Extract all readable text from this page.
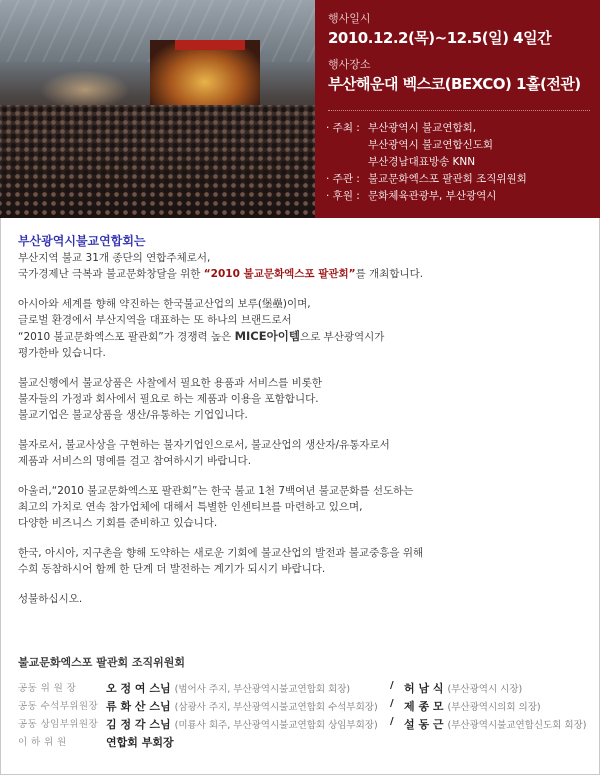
행사일시
2010.12.2(목)~12.5(일) 4일간
행사장소
부산해운대 벡스코(BEXCO) 1홀(전관)
· 주최 : 부산광역시 불교연합회,
부산광역시 불교연합신도회
부산경남대표방송 KNN
· 주관 : 불교문화엑스포 팔관회 조직위원회
· 후원 : 문화체육관광부, 부산광역시
부산광역시불교연합회는
부산지역 불교 31개 종단의 연합주체로서,
국가경제난 극복과 불교문화창달을 위한 “2010 불교문화엑스포 팔관회”를 개최합니다.
아시아와 세계를 향해 약진하는 한국불교산업의 보루(堡壘)이며,
글로벌 환경에서 부산지역을 대표하는 또 하나의 브랜드로서
“2010 불교문화엑스포 팔관회”가 경쟁력 높은 MICE아이템으로 부산광역시가
평가한바 있습니다.
불교신행에서 불교상품은 사찰에서 필요한 용품과 서비스를 비롯한
불자들의 가정과 회사에서 필요로 하는 제품과 이용을 포함합니다.
불교기업은 불교상품을 생산/유통하는 기업입니다.
불자로서, 불교사상을 구현하는 불자기업인으로서, 불교산업의 생산자/유통자로서
제품과 서비스의 명예를 걸고 참여하시기 바랍니다.
아울러,“2010 불교문화엑스포 팔관회”는 한국 불교 1천 7백여년 불교문화를 선도하는
최고의 가치로 연속 참가업체에 대해서 특별한 인센티브를 마련하고 있으며,
다양한 비즈니스 기회를 준비하고 있습니다.
한국, 아시아, 지구촌을 향해 도약하는 새로운 기회에 불교산업의 발전과 불교중흥을 위해
수희 동참하시어 함께 한 단계 더 발전하는 계기가 되시기 바랍니다.
성불하십시오.
불교문화엑스포 팔관회 조직위원회
공동 위 원 장	오 정 여 스님 (범어사 주지, 부산광역시불교연합회 회장)	/ 허 남 식 (부산광역시 시장)
공동 수석부위원장 류 화 산 스님 (삼광사 주지, 부산광역시불교연합회 수석부회장) / 제 종 모 (부산광역시의회 의장)
공동 상임부위원장 김 정 각 스님 (미룡사 회주, 부산광역시불교연합회 상임부회장) / 설 동 근 (부산광역시불교연합신도회 회장)
이 하 위 원	연합회 부회장
